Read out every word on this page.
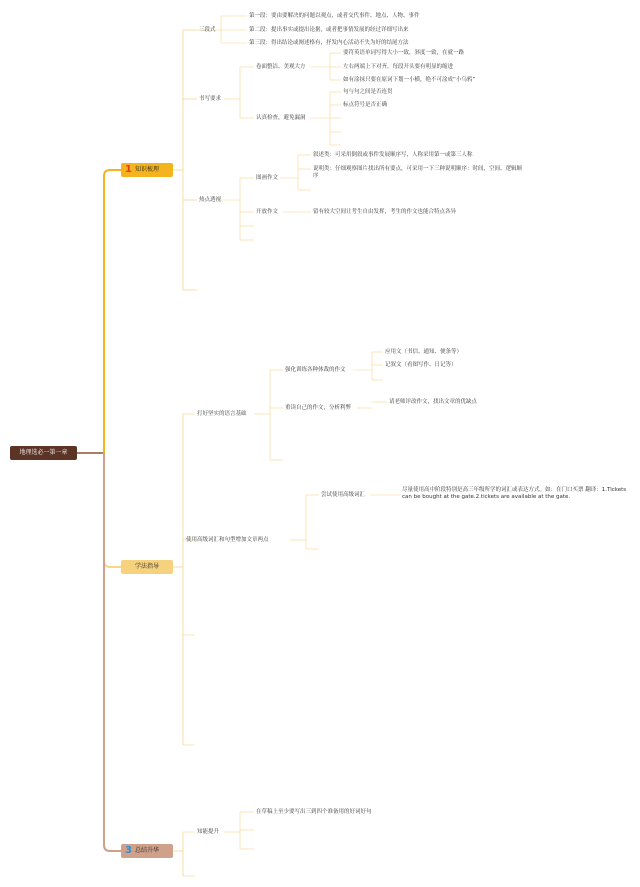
地理选必一第一章
1 知识梳理
三段式
第一段：要由要解决的问题以观点，或者交代事件、地点、人物、事件
第二段：提出事实或提出论据，或者把事情发展的经过详细写出来
第三段：得出结论或阐述格有，抒发内心活动不失为好的结尾方法
书写要求
卷面整洁、美观大方
要符英语单词写得大小一致，斜度一致，在就一路
左右两端上下对齐，每段开头要有明显的缩进
如有涂抹只要在原词下划一小横，绝不可涂成“小乌鸦”
认真检查，避免漏洞
句与句之间是否连贯
标点符号是否正确
热点透视
图画作文
叙述类：可采用倒叙或事件发展顺序写，人称采用第一或第三人称
说明类：仔细观察图片找出所有要点，可采用一下三种说明顺序：时间、空间、逻辑顺序
开放作文	留有较大空间让考生自由发挥，考生的作文也能合特点各异
2 学法指导
打好坚实的语言基础
强化训练各种体裁的作文
应用文（书信、通知、便条等）
记叙文（看图写作、日记等）
重读自己的作文，分析利弊
请老师评改作文，找出文章的优缺点
使用高级词汇和句型增加文章两点
尝试使用高级词汇
尽量使用高中阶段特别是高三年级所学的词汇或表达方式。如：在门口买票 翻译：1.Tickets can be bought at the gate.2.tickets are available at the gate.
3 总结升华
知能提升
在草稿上至少要写出三到四个准备用的好词好句
